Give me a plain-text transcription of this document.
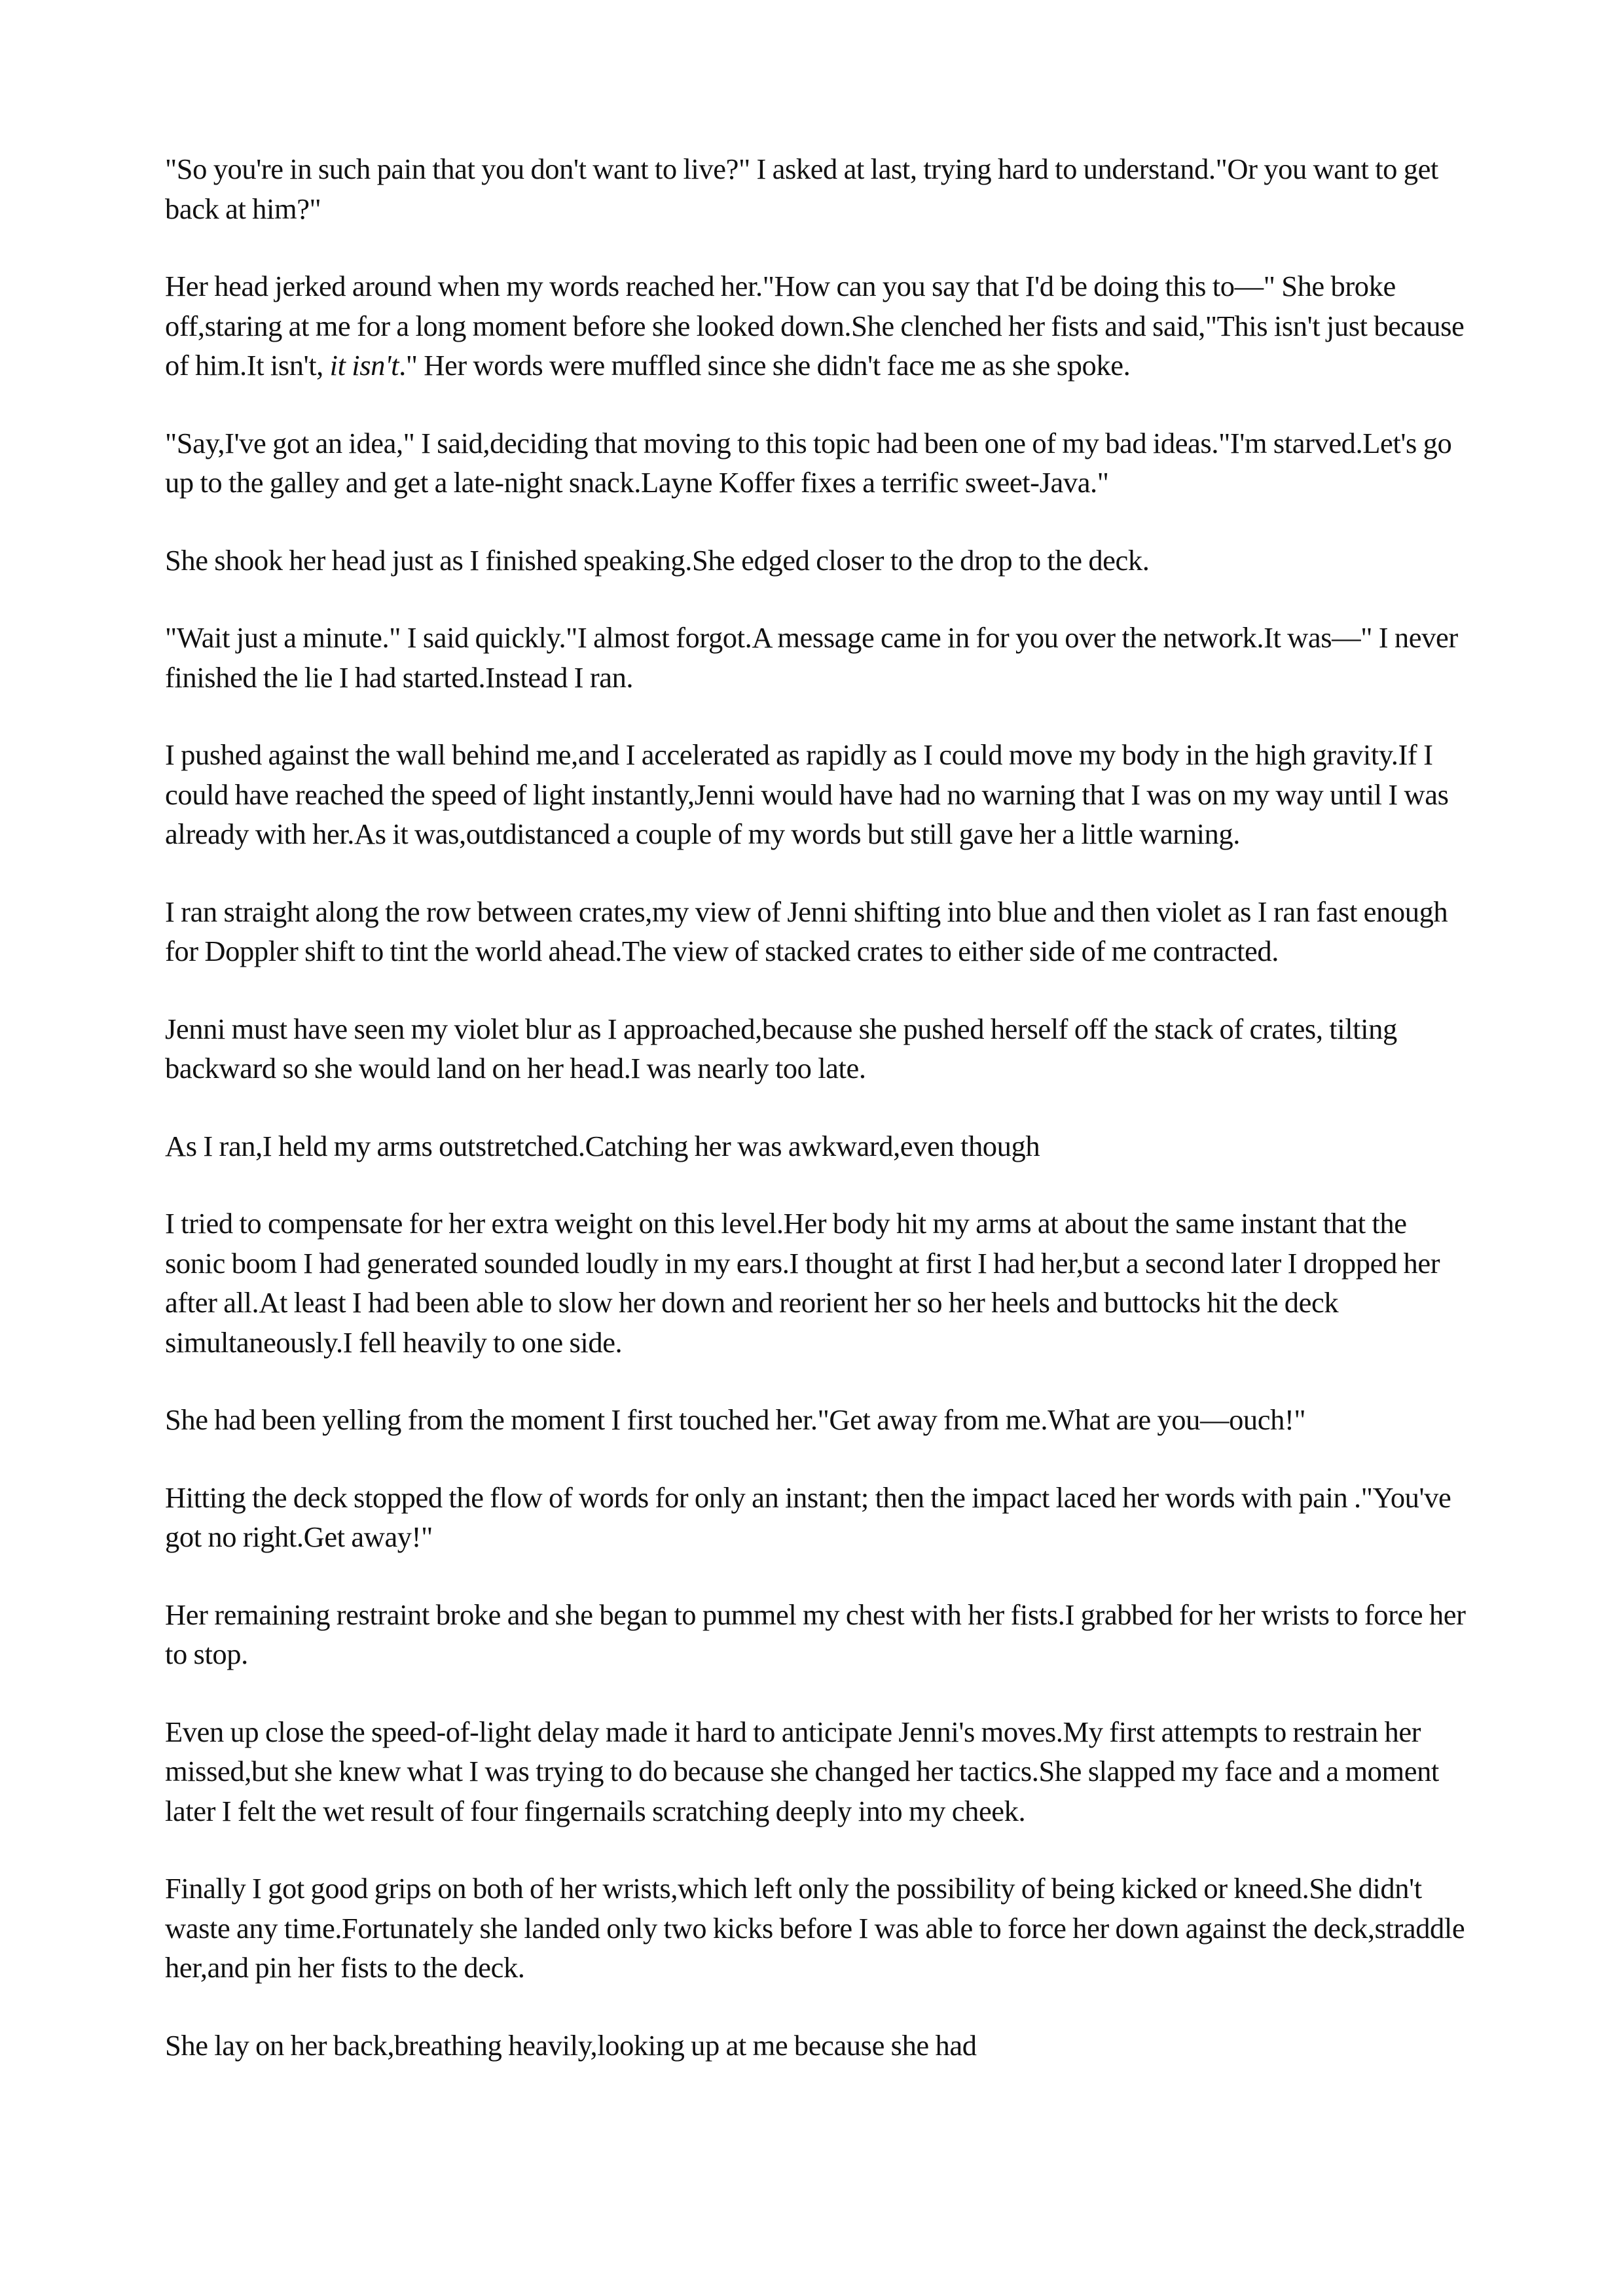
"So you're in such pain that you don't want to live?" I asked at last, trying hard to understand."Or you want to get back at him?"

Her head jerked around when my words reached her."How can you say that I'd be doing this to—" She broke off,staring at me for a long moment before she looked down.She clenched her fists and said,"This isn't just because of him.It isn't, it isn't." Her words were muffled since she didn't face me as she spoke.

"Say,I've got an idea," I said,deciding that moving to this topic had been one of my bad ideas."I'm starved.Let's go up to the galley and get a late-night snack.Layne Koffer fixes a terrific sweet-Java."

She shook her head just as I finished speaking.She edged closer to the drop to the deck.

"Wait just a minute." I said quickly."I almost forgot.A message came in for you over the network.It was—" I never finished the lie I had started.Instead I ran.

I pushed against the wall behind me,and I accelerated as rapidly as I could move my body in the high gravity.If I could have reached the speed of light instantly,Jenni would have had no warning that I was on my way until I was already with her.As it was,outdistanced a couple of my words but still gave her a little warning.

I ran straight along the row between crates,my view of Jenni shifting into blue and then violet as I ran fast enough for Doppler shift to tint the world ahead.The view of stacked crates to either side of me contracted.

Jenni must have seen my violet blur as I approached,because she pushed herself off the stack of crates, tilting backward so she would land on her head.I was nearly too late.

As I ran,I held my arms outstretched.Catching her was awkward,even though

I tried to compensate for her extra weight on this level.Her body hit my arms at about the same instant that the sonic boom I had generated sounded loudly in my ears.I thought at first I had her,but a second later I dropped her after all.At least I had been able to slow her down and reorient her so her heels and buttocks hit the deck simultaneously.I fell heavily to one side.

She had been yelling from the moment I first touched her."Get away from me.What are you—ouch!"

Hitting the deck stopped the flow of words for only an instant; then the impact laced her words with pain ."You've got no right.Get away!"

Her remaining restraint broke and she began to pummel my chest with her fists.I grabbed for her wrists to force her to stop.

Even up close the speed-of-light delay made it hard to anticipate Jenni's moves.My first attempts to restrain her missed,but she knew what I was trying to do because she changed her tactics.She slapped my face and a moment later I felt the wet result of four fingernails scratching deeply into my cheek.

Finally I got good grips on both of her wrists,which left only the possibility of being kicked or kneed.She didn't waste any time.Fortunately she landed only two kicks before I was able to force her down against the deck,straddle her,and pin her fists to the deck.

She lay on her back,breathing heavily,looking up at me because she had
